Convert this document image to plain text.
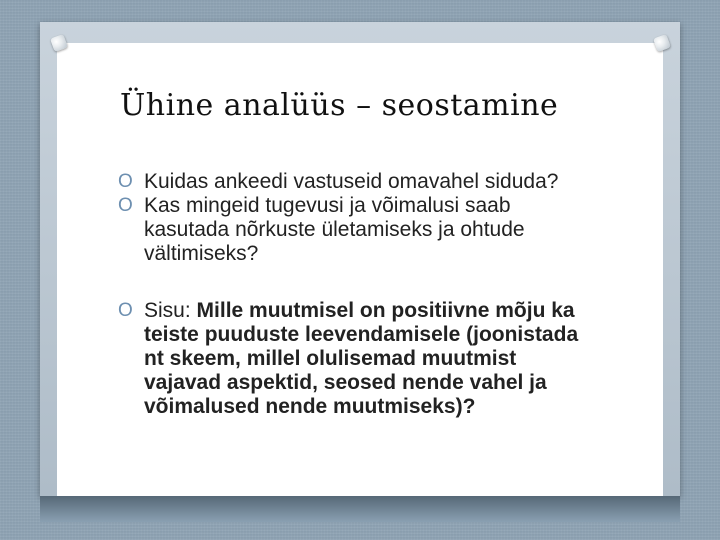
Ühine analüüs – seostamine
O Kuidas ankeedi vastuseid omavahel siduda?
O Kas mingeid tugevusi ja võimalusi saab kasutada nõrkuste ületamiseks ja ohtude vältimiseks?
O Sisu: Mille muutmisel on positiivne mõju ka teiste puuduste leevendamisele (joonistada nt skeem, millel olulisemad muutmist vajavad aspektid, seosed nende vahel ja võimalused nende muutmiseks)?
